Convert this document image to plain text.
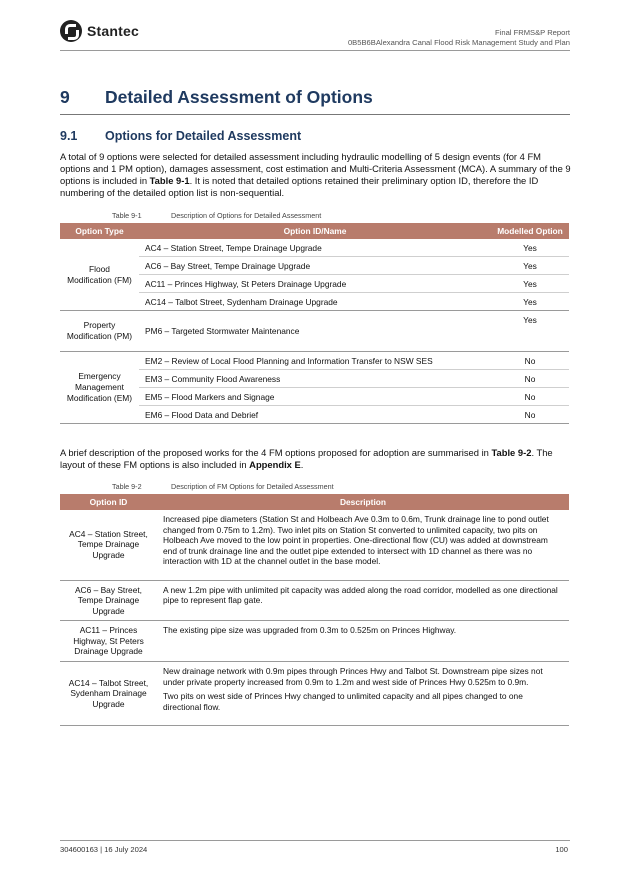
Stantec	Final FRMS&P Report
0B5B6BAlexandra Canal Flood Risk Management Study and Plan
9 Detailed Assessment of Options
9.1 Options for Detailed Assessment
A total of 9 options were selected for detailed assessment including hydraulic modelling of 5 design events (for 4 FM options and 1 PM option), damages assessment, cost estimation and Multi-Criteria Assessment (MCA). A summary of the 9 options is included in Table 9-1. It is noted that detailed options retained their preliminary option ID, therefore the ID numbering of the detailed option list is non-sequential.
Table 9-1	Description of Options for Detailed Assessment
Option Type	Option ID/Name	Modelled Option
Flood Modification (FM)	AC4 – Station Street, Tempe Drainage Upgrade	Yes
	AC6 – Bay Street, Tempe Drainage Upgrade	Yes
	AC11 – Princes Highway, St Peters Drainage Upgrade	Yes
	AC14 – Talbot Street, Sydenham Drainage Upgrade	Yes
Property Modification (PM)	PM6 – Targeted Stormwater Maintenance	Yes
Emergency Management Modification (EM)	EM2 – Review of Local Flood Planning and Information Transfer to NSW SES	No
	EM3 – Community Flood Awareness	No
	EM5 – Flood Markers and Signage	No
	EM6 – Flood Data and Debrief	No
A brief description of the proposed works for the 4 FM options proposed for adoption are summarised in Table 9-2. The layout of these FM options is also included in Appendix E.
Table 9-2	Description of FM Options for Detailed Assessment
Option ID	Description
AC4 – Station Street, Tempe Drainage Upgrade	Increased pipe diameters (Station St and Holbeach Ave 0.3m to 0.6m, Trunk drainage line to pond outlet changed from 0.75m to 1.2m). Two inlet pits on Station St converted to unlimited capacity, two pits on Holbeach Ave moved to the low point in properties. One-directional flow (CU) was added at downstream end of trunk drainage line and the outlet pipe extended to intersect with 1D channel as there was no interaction with 1D at the channel outlet in the base model.

AC6 – Bay Street, Tempe Drainage Upgrade	A new 1.2m pipe with unlimited pit capacity was added along the road corridor, modelled as one directional pipe to represent flap gate.

AC11 – Princes Highway, St Peters Drainage Upgrade	The existing pipe size was upgraded from 0.3m to 0.525m on Princes Highway.

AC14 – Talbot Street, Sydenham Drainage Upgrade	New drainage network with 0.9m pipes through Princes Hwy and Talbot St. Downstream pipe sizes not under private property increased from 0.9m to 1.2m and west side of Princes Hwy 0.525m to 0.9m.

Two pits on west side of Princes Hwy changed to unlimited capacity and all pipes changed to one directional flow.

304600163 | 16 July 2024	100
